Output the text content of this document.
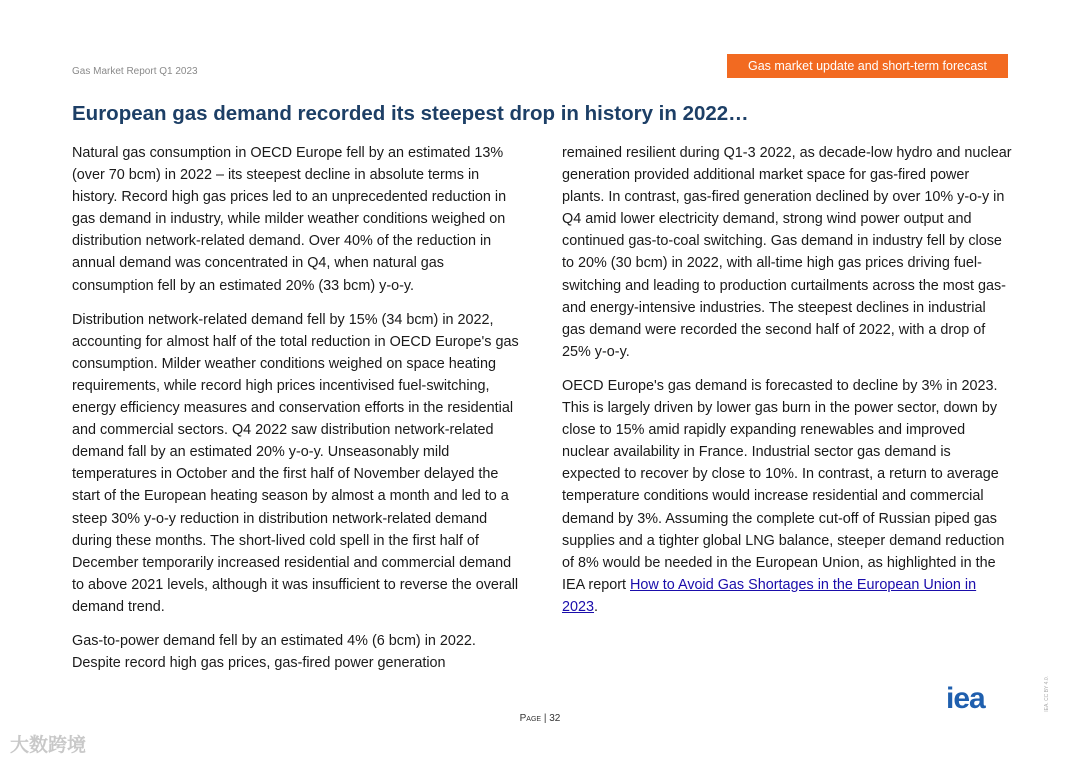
Gas Market Report Q1 2023	Gas market update and short-term forecast
European gas demand recorded its steepest drop in history in 2022…

Natural gas consumption in OECD Europe fell by an estimated 13% (over 70 bcm) in 2022 – its steepest decline in absolute terms in history. Record high gas prices led to an unprecedented reduction in gas demand in industry, while milder weather conditions weighed on distribution network-related demand. Over 40% of the reduction in annual demand was concentrated in Q4, when natural gas consumption fell by an estimated 20% (33 bcm) y-o-y.

Distribution network-related demand fell by 15% (34 bcm) in 2022, accounting for almost half of the total reduction in OECD Europe's gas consumption. Milder weather conditions weighed on space heating requirements, while record high prices incentivised fuel-switching, energy efficiency measures and conservation efforts in the residential and commercial sectors. Q4 2022 saw distribution network-related demand fall by an estimated 20% y-o-y. Unseasonably mild temperatures in October and the first half of November delayed the start of the European heating season by almost a month and led to a steep 30% y-o-y reduction in distribution network-related demand during these months. The short-lived cold spell in the first half of December temporarily increased residential and commercial demand to above 2021 levels, although it was insufficient to reverse the overall demand trend.

Gas-to-power demand fell by an estimated 4% (6 bcm) in 2022. Despite record high gas prices, gas-fired power generation

remained resilient during Q1-3 2022, as decade-low hydro and nuclear generation provided additional market space for gas-fired power plants. In contrast, gas-fired generation declined by over 10% y-o-y in Q4 amid lower electricity demand, strong wind power output and continued gas-to-coal switching. Gas demand in industry fell by close to 20% (30 bcm) in 2022, with all-time high gas prices driving fuel-switching and leading to production curtailments across the most gas- and energy-intensive industries. The steepest declines in industrial gas demand were recorded the second half of 2022, with a drop of 25% y-o-y.

OECD Europe's gas demand is forecasted to decline by 3% in 2023. This is largely driven by lower gas burn in the power sector, down by close to 15% amid rapidly expanding renewables and improved nuclear availability in France. Industrial sector gas demand is expected to recover by close to 10%. In contrast, a return to average temperature conditions would increase residential and commercial demand by 3%. Assuming the complete cut-off of Russian piped gas supplies and a tighter global LNG balance, steeper demand reduction of 8% would be needed in the European Union, as highlighted in the IEA report How to Avoid Gas Shortages in the European Union in 2023.

Page | 32
iea	IEA. CC BY 4.0.
大数跨境
